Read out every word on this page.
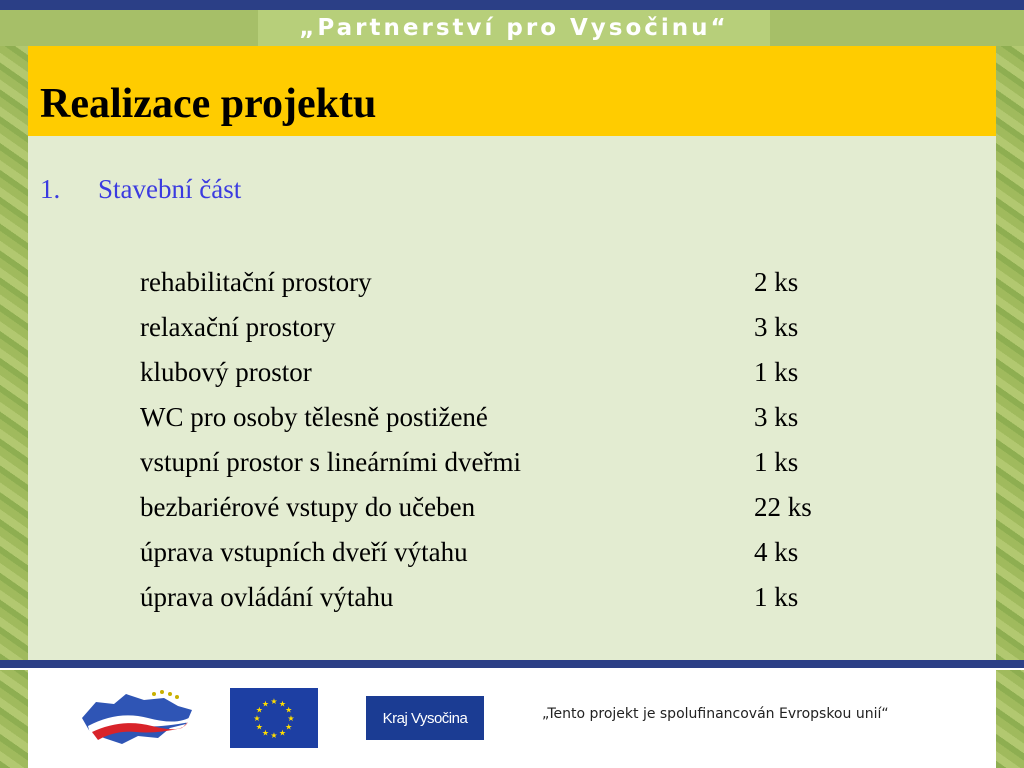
„Partnerství pro Vysočinu“
Realizace projektu
1. Stavební část
rehabilitační prostory	2 ks
relaxační prostory	3 ks
klubový prostor	1 ks
WC pro osoby tělesně postižené	3 ks
vstupní prostor s lineárními dveřmi	1 ks
bezbariérové vstupy do učeben	22 ks
úprava vstupních dveří výtahu	4 ks
úprava ovládání výtahu	1 ks
★
★
★
★
★
★
★
★
★ ★ ★
★	Kraj Vysočina	„Tento projekt je spolufinancován Evropskou unií“
